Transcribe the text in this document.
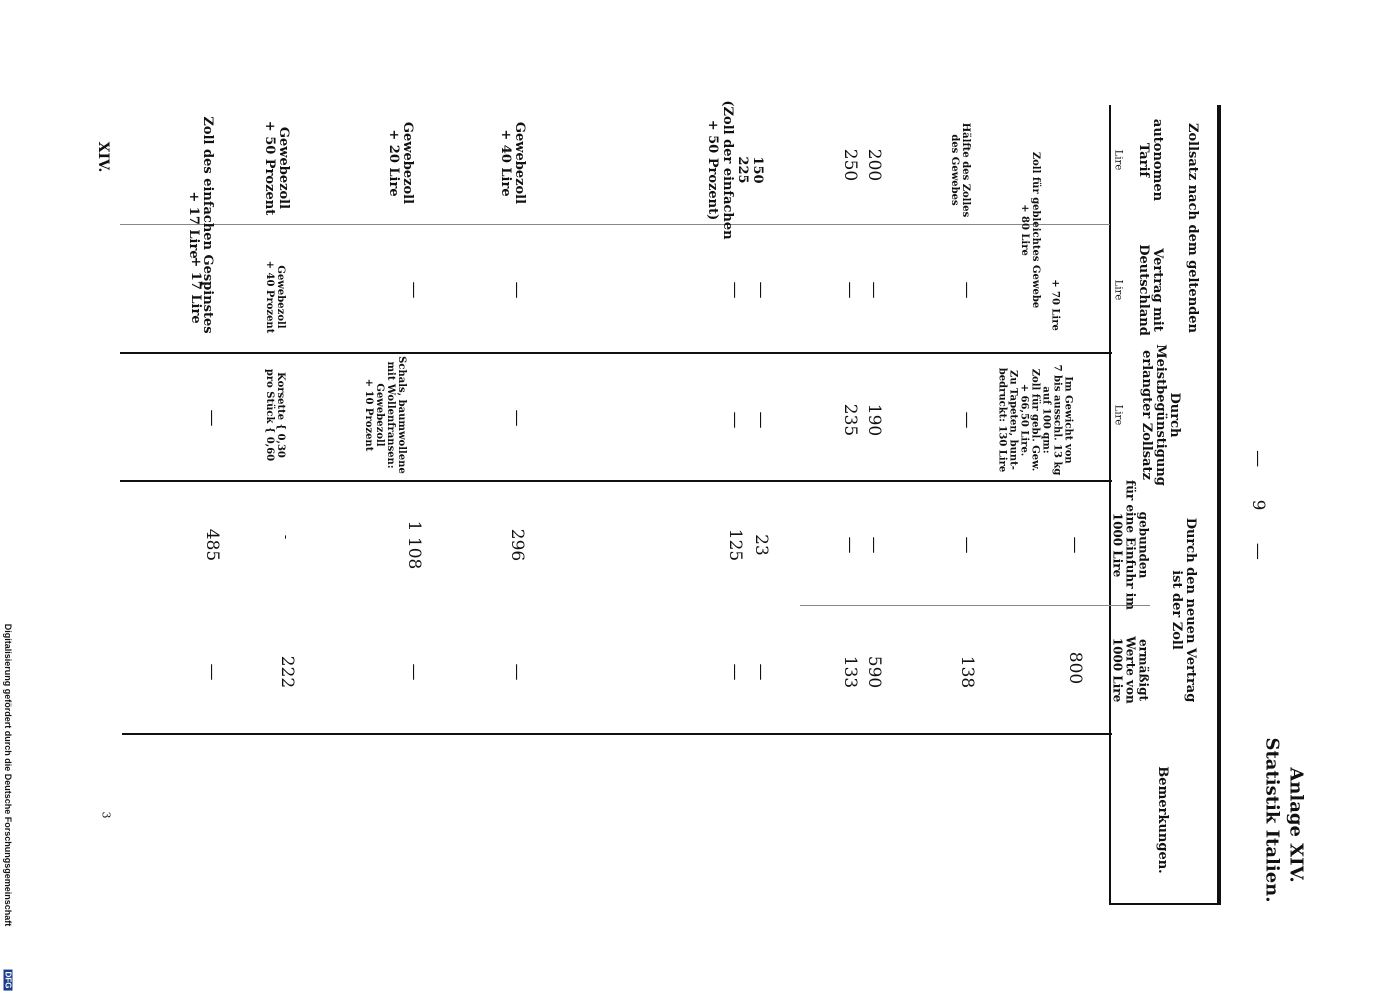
—      9      —
Anlage XIV.
Statistik Italien.
Zollsatz nach dem geltenden
autonomen
Tarif
Lire
Vertrag mit
Deutschland
Lire
Durch
Meistbegünstigung
erlangter Zollsatz
Lire
Durch den neuen Vertrag
ist der Zoll
gebunden
für eine Einfuhr im
1000 Lire
ermäßigt
Werte von
1000 Lire
Bemerkungen.
Zoll für gebleichtes Gewebe
+ 80 Lire
+ 70 Lire
Im Gewicht von
7 bis ausschl. 13 kg
auf 100 qm:
Zoll für gebl. Gew.
+ 66,50 Lire.
Zu Tapeten, bunt-
bedruckt: 130 Lire
—
800
Hälfte des Zolles
des Gewebes
—
—
—
138
200
250
—
—
190
235
—
—
590
133
150
225
(Zoll der einfachen
+ 50 Prozent)
—
—
—
—
23
125
—
—
Gewebezoll
+ 40 Lire
—
—
296
—
Gewebezoll
+ 20 Lire
—
Schals, baumwollene
mit Wollenfransen:
Gewebezoll
+ 10 Prozent
1 108
—
Gewebezoll
+ 50 Prozent
Gewebezoll
+ 40 Prozent
Korsette { 0,30
pro Stück { 0,60
-
222
Zoll des einfachen Gespinstes
+ 17 Lire
+ 17 Lire
—
485
—
XIV.
3
Digitalisierung gefördert durch die Deutsche Forschungsgemeinschaft
DFG
